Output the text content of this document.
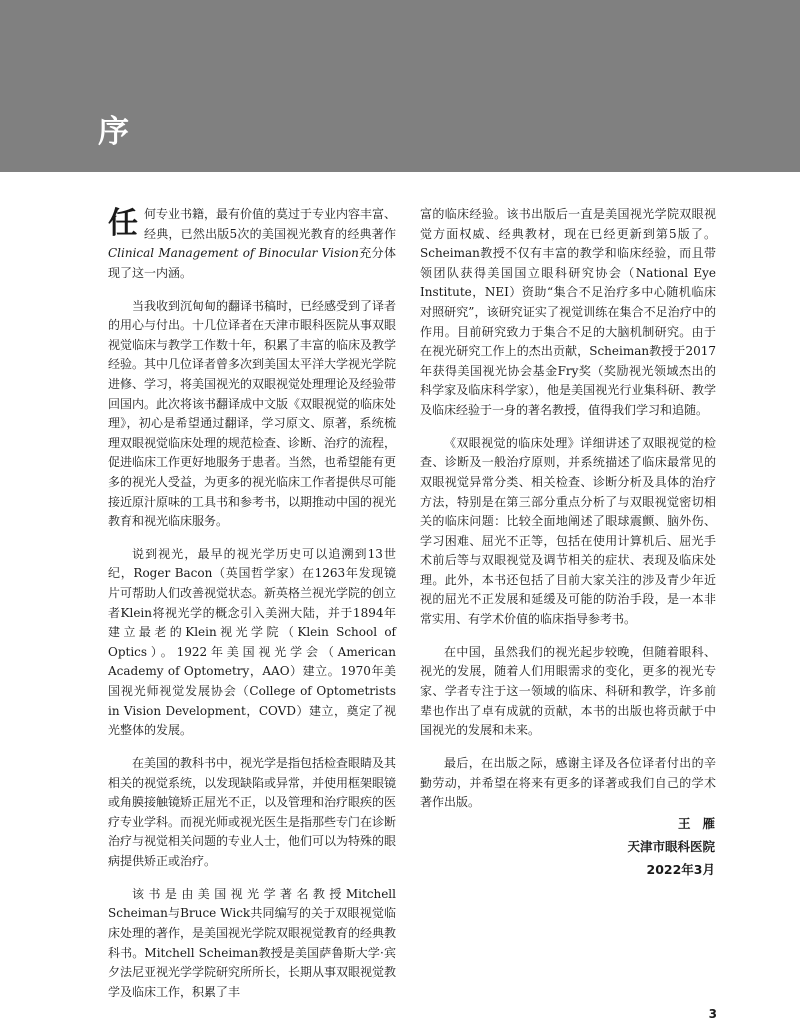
序

任何专业书籍，最有价值的莫过于专业内容丰富、经典，已然出版5次的美国视光教育的经典著作Clinical Management of Binocular Vision充分体现了这一内涵。

当我收到沉甸甸的翻译书稿时，已经感受到了译者的用心与付出。十几位译者在天津市眼科医院从事双眼视觉临床与教学工作数十年，积累了丰富的临床及教学经验。其中几位译者曾多次到美国太平洋大学视光学院进修、学习，将美国视光的双眼视觉处理理论及经验带回国内。此次将该书翻译成中文版《双眼视觉的临床处理》，初心是希望通过翻译，学习原文、原著，系统梳理双眼视觉临床处理的规范检查、诊断、治疗的流程，促进临床工作更好地服务于患者。当然，也希望能有更多的视光人受益，为更多的视光临床工作者提供尽可能接近原汁原味的工具书和参考书，以期推动中国的视光教育和视光临床服务。

说到视光，最早的视光学历史可以追溯到13世纪，Roger Bacon（英国哲学家）在1263年发现镜片可帮助人们改善视觉状态。新英格兰视光学院的创立者Klein将视光学的概念引入美洲大陆，并于1894年建立最老的Klein视光学院（Klein School of Optics）。1922年美国视光学会（American Academy of Optometry，AAO）建立。1970年美国视光师视觉发展协会（College of Optometrists in Vision Development，COVD）建立，奠定了视光整体的发展。

在美国的教科书中，视光学是指包括检查眼睛及其相关的视觉系统，以发现缺陷或异常，并使用框架眼镜或角膜接触镜矫正屈光不正，以及管理和治疗眼疾的医疗专业学科。而视光师或视光医生是指那些专门在诊断治疗与视觉相关问题的专业人士，他们可以为特殊的眼病提供矫正或治疗。

该书是由美国视光学著名教授Mitchell Scheiman与Bruce Wick共同编写的关于双眼视觉临床处理的著作，是美国视光学院双眼视觉教育的经典教科书。Mitchell Scheiman教授是美国萨鲁斯大学·宾夕法尼亚视光学学院研究所所长，长期从事双眼视觉教学及临床工作，积累了丰

富的临床经验。该书出版后一直是美国视光学院双眼视觉方面权威、经典教材，现在已经更新到第5版了。Scheiman教授不仅有丰富的教学和临床经验，而且带领团队获得美国国立眼科研究协会（National Eye Institute，NEI）资助“集合不足治疗多中心随机临床对照研究”，该研究证实了视觉训练在集合不足治疗中的作用。目前研究致力于集合不足的大脑机制研究。由于在视光研究工作上的杰出贡献，Scheiman教授于2017年获得美国视光协会基金Fry奖（奖励视光领域杰出的科学家及临床科学家），他是美国视光行业集科研、教学及临床经验于一身的著名教授，值得我们学习和追随。

《双眼视觉的临床处理》详细讲述了双眼视觉的检查、诊断及一般治疗原则，并系统描述了临床最常见的双眼视觉异常分类、相关检查、诊断分析及具体的治疗方法，特别是在第三部分重点分析了与双眼视觉密切相关的临床问题：比较全面地阐述了眼球震颤、脑外伤、学习困难、屈光不正等，包括在使用计算机后、屈光手术前后等与双眼视觉及调节相关的症状、表现及临床处理。此外，本书还包括了目前大家关注的涉及青少年近视的屈光不正发展和延缓及可能的防治手段，是一本非常实用、有学术价值的临床指导参考书。

在中国，虽然我们的视光起步较晚，但随着眼科、视光的发展，随着人们用眼需求的变化，更多的视光专家、学者专注于这一领域的临床、科研和教学，许多前辈也作出了卓有成就的贡献，本书的出版也将贡献于中国视光的发展和未来。

最后，在出版之际，感谢主译及各位译者付出的辛勤劳动，并希望在将来有更多的译著或我们自己的学术著作出版。

王雁
天津市眼科医院
2022年3月
3
